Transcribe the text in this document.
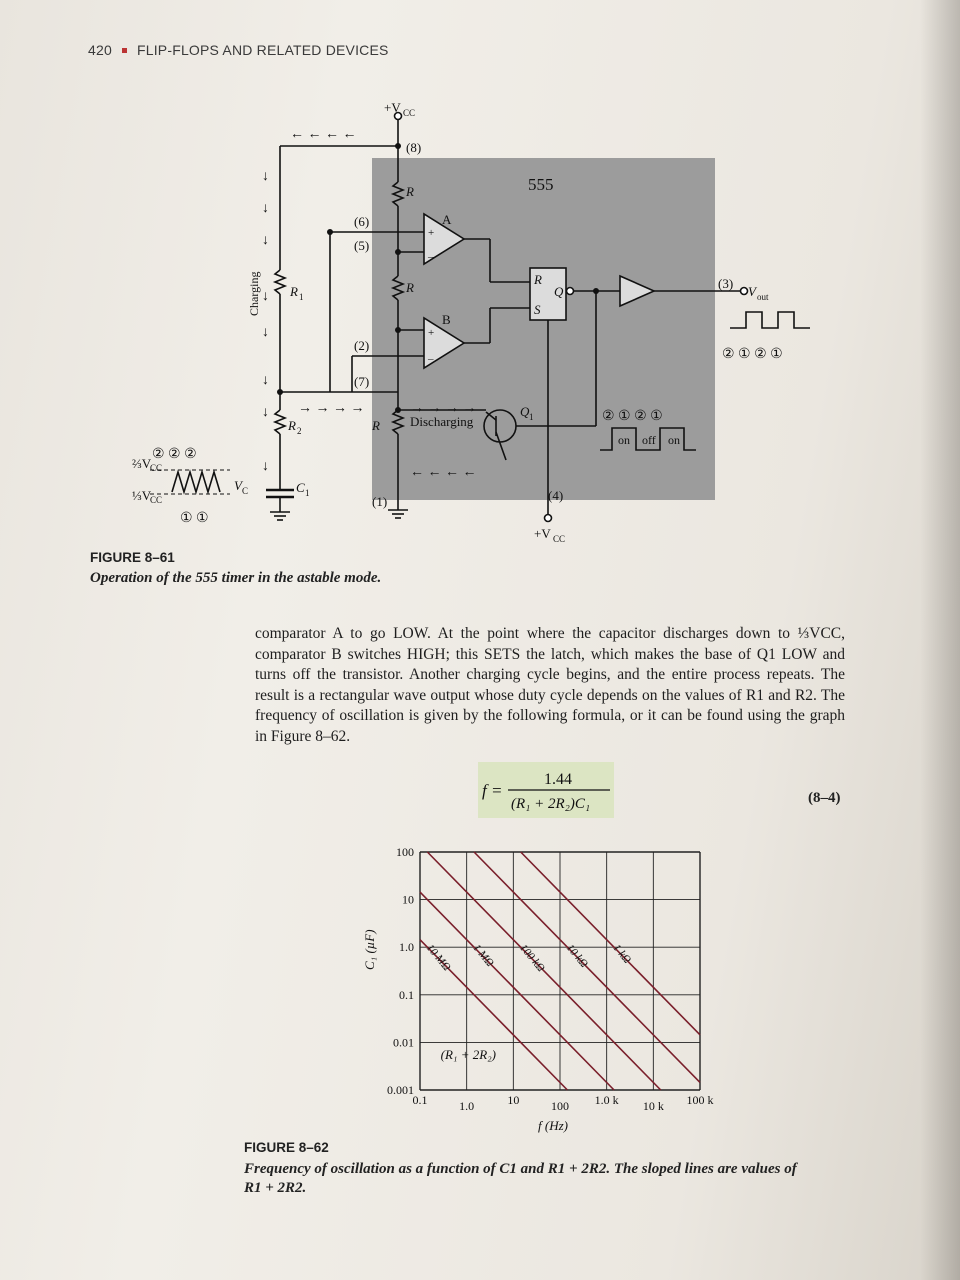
420 FLIP-FLOPS AND RELATED DEVICES
555
← ← ← ←
↓
↓
↓
↓
↓
↓
↓
↓
→ → → →	→ → → →
← ← ← ←
+V CC
(8)
(6)
(5)
(2)
(7)
(1)	(4)
(3)
A
B
+
–
+
–
R
S
Q
R
R
R
R 1
R 2
C 1
Q 1
Discharging
V out
V C
⅔V
CC
⅓V
CC
② ② ②
① ①
② ① ② ①
② ① ② ①
on off on
+V CC
Charging
FIGURE 8–61
Operation of the 555 timer in the astable mode.
comparator A to go LOW. At the point where the capacitor discharges down to ⅓VCC, comparator B switches HIGH; this SETS the latch, which makes the base of Q1 LOW and turns off the transistor. Another charging cycle begins, and the entire process repeats. The result is a rectangular wave output whose duty cycle depends on the values of R1 and R2. The frequency of oscillation is given by the following formula, or it can be found using the graph in Figure 8–62.
f =
1.44
(R₁ + 2R₂)C₁	(8–4)
10 MΩ 1 MΩ 100 kΩ 10 kΩ 1 kΩ
0.1	1.0	10	100 1.0 k 10 k 100 k
100
10
1.0
0.1
0.01
0.001
C₁ (µF)
f (Hz)
(R₁ + 2R₂)
FIGURE 8–62
Frequency of oscillation as a function of C1 and R1 + 2R2. The sloped lines are values of R1 + 2R2.
